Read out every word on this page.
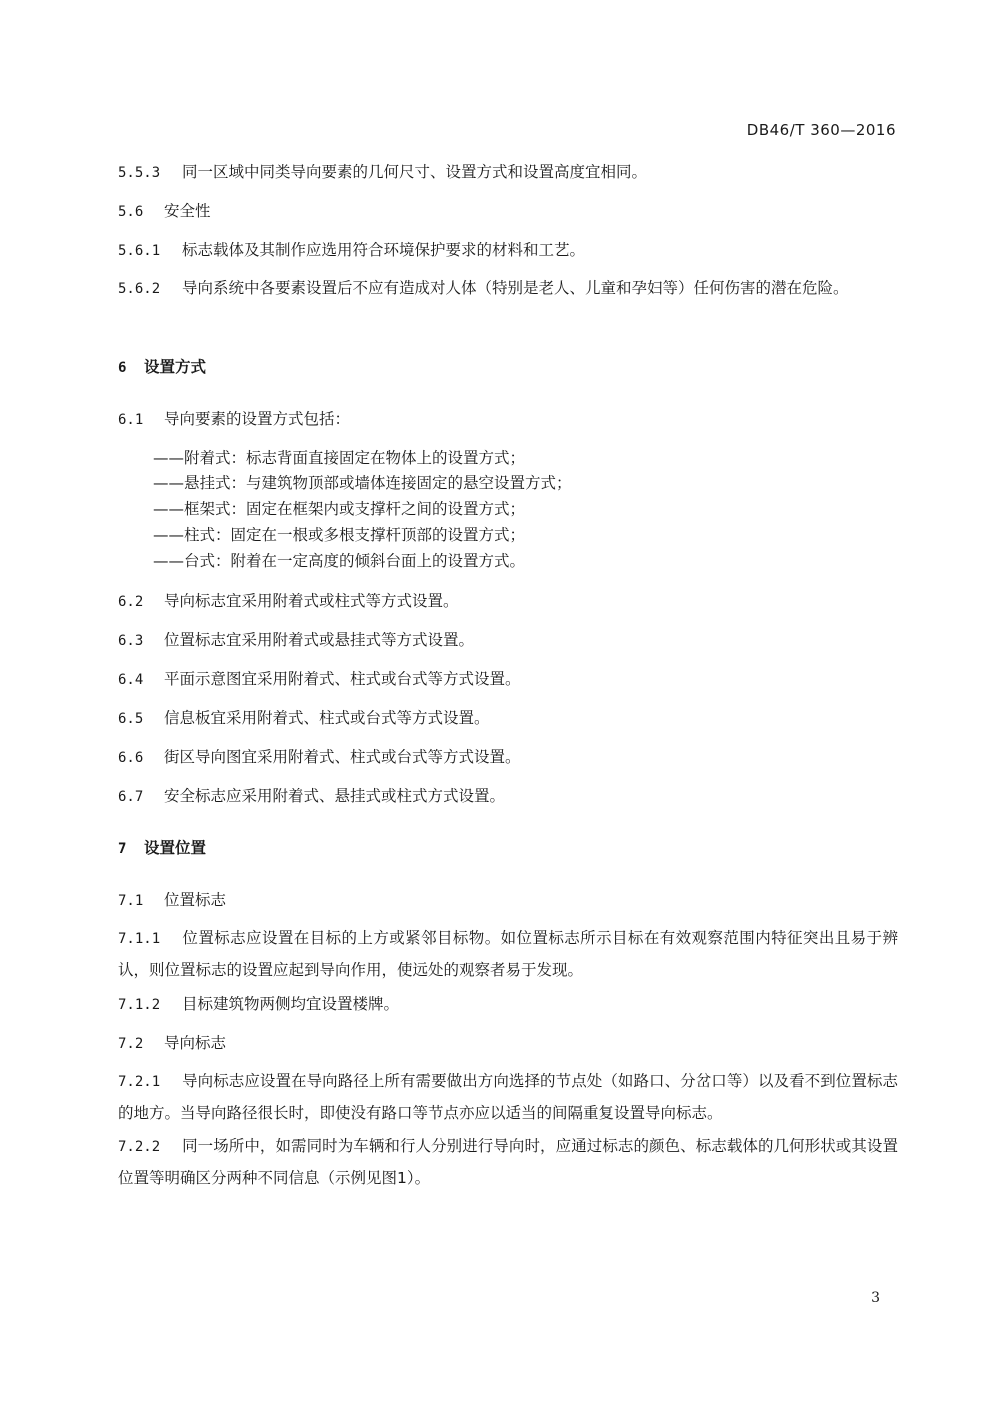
DB46/T 360—2016
5.5.3 同一区域中同类导向要素的几何尺寸、设置方式和设置高度宜相同。
5.6 安全性
5.6.1 标志载体及其制作应选用符合环境保护要求的材料和工艺。
5.6.2 导向系统中各要素设置后不应有造成对人体（特别是老人、儿童和孕妇等）任何伤害的潜在危险。
6 设置方式
6.1 导向要素的设置方式包括：
——附着式：标志背面直接固定在物体上的设置方式；
——悬挂式：与建筑物顶部或墙体连接固定的悬空设置方式；
——框架式：固定在框架内或支撑杆之间的设置方式；
——柱式：固定在一根或多根支撑杆顶部的设置方式；
——台式：附着在一定高度的倾斜台面上的设置方式。
6.2 导向标志宜采用附着式或柱式等方式设置。
6.3 位置标志宜采用附着式或悬挂式等方式设置。
6.4 平面示意图宜采用附着式、柱式或台式等方式设置。
6.5 信息板宜采用附着式、柱式或台式等方式设置。
6.6 街区导向图宜采用附着式、柱式或台式等方式设置。
6.7 安全标志应采用附着式、悬挂式或柱式方式设置。
7 设置位置
7.1 位置标志
7.1.1 位置标志应设置在目标的上方或紧邻目标物。如位置标志所示目标在有效观察范围内特征突出且易于辨认，则位置标志的设置应起到导向作用，使远处的观察者易于发现。
7.1.2 目标建筑物两侧均宜设置楼牌。
7.2 导向标志
7.2.1 导向标志应设置在导向路径上所有需要做出方向选择的节点处（如路口、分岔口等）以及看不到位置标志的地方。当导向路径很长时，即使没有路口等节点亦应以适当的间隔重复设置导向标志。
7.2.2 同一场所中，如需同时为车辆和行人分别进行导向时，应通过标志的颜色、标志载体的几何形状或其设置位置等明确区分两种不同信息（示例见图1）。
3
